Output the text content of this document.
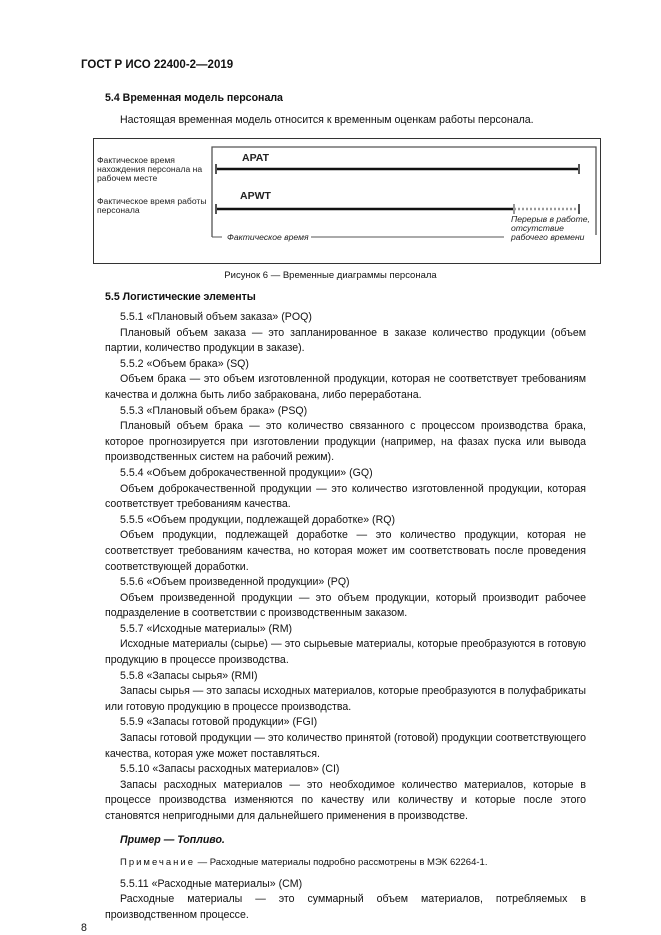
ГОСТ Р ИСО 22400-2—2019
5.4 Временная модель персонала
Настоящая временная модель относится к временным оценкам работы персонала.
Фактическое время нахождения персонала на рабочем месте
Фактическое время работы персонала
APAT
APWT
Фактическое время
Перерыв в работе, отсутствие рабочего времени
Рисунок 6 — Временные диаграммы персонала
5.5 Логистические элементы

5.5.1 «Плановый объем заказа» (POQ)

Плановый объем заказа — это запланированное в заказе количество продукции (объем партии, количество продукции в заказе).

5.5.2 «Объем брака» (SQ)

Объем брака — это объем изготовленной продукции, которая не соответствует требованиям качества и должна быть либо забракована, либо переработана.

5.5.3 «Плановый объем брака» (PSQ)

Плановый объем брака — это количество связанного с процессом производства брака, которое прогнозируется при изготовлении продукции (например, на фазах пуска или вывода производственных систем на рабочий режим).

5.5.4 «Объем доброкачественной продукции» (GQ)

Объем доброкачественной продукции — это количество изготовленной продукции, которая соответствует требованиям качества.

5.5.5 «Объем продукции, подлежащей доработке» (RQ)

Объем продукции, подлежащей доработке — это количество продукции, которая не соответствует требованиям качества, но которая может им соответствовать после проведения соответствующей доработки.

5.5.6 «Объем произведенной продукции» (PQ)

Объем произведенной продукции — это объем продукции, который производит рабочее подразделение в соответствии с производственным заказом.

5.5.7 «Исходные материалы» (RM)

Исходные материалы (сырье) — это сырьевые материалы, которые преобразуются в готовую продукцию в процессе производства.

5.5.8 «Запасы сырья» (RMI)

Запасы сырья — это запасы исходных материалов, которые преобразуются в полуфабрикаты или готовую продукцию в процессе производства.

5.5.9 «Запасы готовой продукции» (FGI)

Запасы готовой продукции — это количество принятой (готовой) продукции соответствующего качества, которая уже может поставляться.

5.5.10 «Запасы расходных материалов» (CI)

Запасы расходных материалов — это необходимое количество материалов, которые в процессе производства изменяются по качеству или количеству и которые после этого становятся непригодными для дальнейшего применения в производстве.

Пример — Топливо.

Примечание — Расходные материалы подробно рассмотрены в МЭК 62264-1.

5.5.11 «Расходные материалы» (CM)

Расходные материалы — это суммарный объем материалов, потребляемых в производственном процессе.

8
